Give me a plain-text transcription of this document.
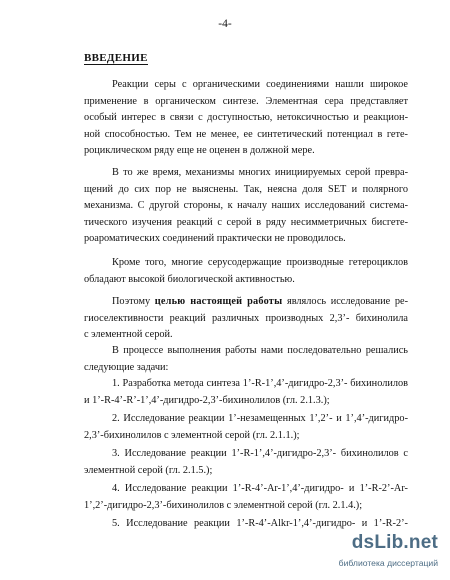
-4-
ВВЕДЕНИЕ
Реакции серы с органическими соединениями нашли широкое
применение в органическом синтезе. Элементная сера представляет
особый интерес в связи с доступностью, нетоксичностью и реакцион-
ной способностью. Тем не менее, ее синтетический потенциал в гете-
роциклическом ряду еще не оценен в должной мере.
В то же время, механизмы многих инициируемых серой превра-
щений до сих пор не выяснены. Так, неясна доля SET и полярного
механизма. С другой стороны, к началу наших исследований системa-
тического изучения реакций с серой в ряду несимметричных бисгете-
роароматических соединений практически не проводилось.
Кроме того, многие серусодержащие производные гетероциклов
обладают высокой биологической активностью.
Поэтому целью настоящей работы являлось исследование ре-
гиоселективности реакций различных производных 2,3’- бихинолила
с элементной серой.
В процессе выполнения работы нами последовательно решались
следующие задачи:
1. Разработка метода синтеза 1’-R-1’,4’-дигидро-2,3’- бихинолилов
и 1’-R-4’-R’-1’,4’-дигидро-2,3’-бихинолилов (гл. 2.1.3.);
2. Исследование реакции 1’-незамещенных 1’,2’- и 1’,4’-дигидро-
2,3’-бихинолилов с элементной серой (гл. 2.1.1.);
3. Исследование реакции 1’-R-1’,4’-дигидро-2,3’- бихинолилов с
элементной серой (гл. 2.1.5.);
4. Исследование реакции 1’-R-4’-Ar-1’,4’-дигидро- и 1’-R-2’-Ar-
1’,2’-дигидро-2,3’-бихинолилов с элементной серой (гл. 2.1.4.);
5. Исследование реакции 1’-R-4’-Alkr-1’,4’-дигидро- и 1’-R-2’-
dsLib.net
библиотека диссертаций
